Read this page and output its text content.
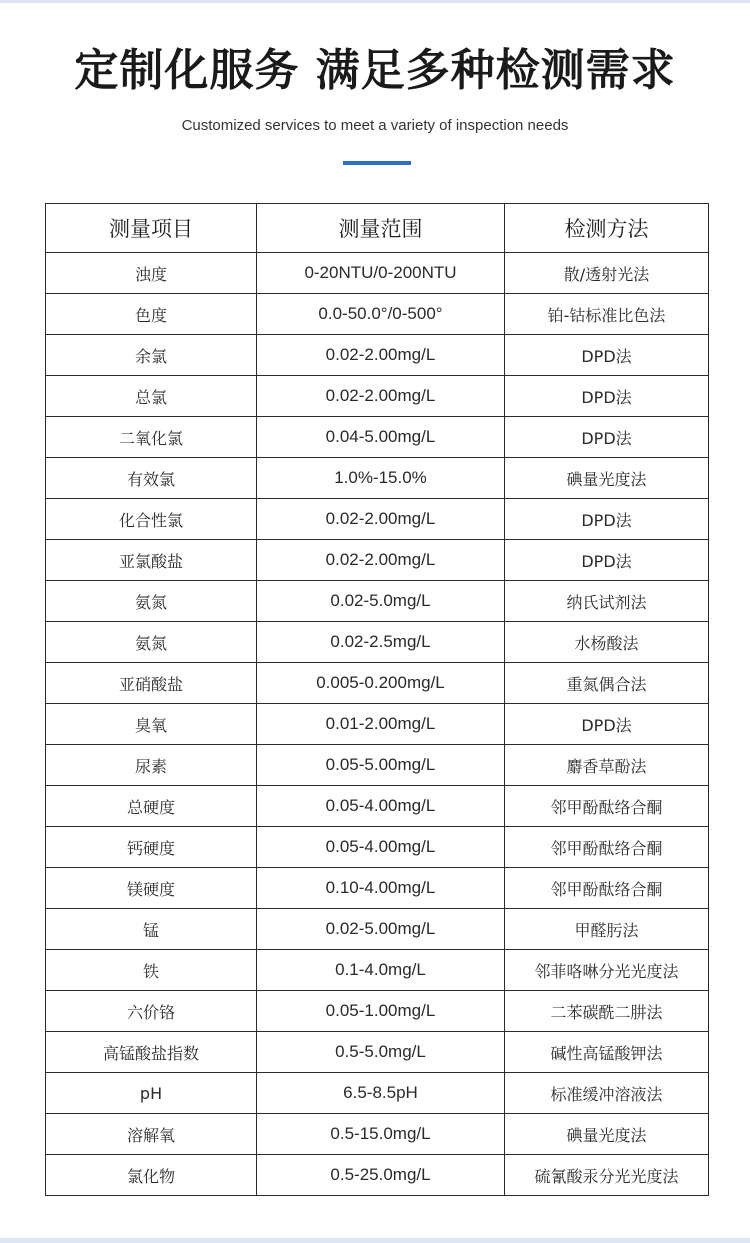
定制化服务 满足多种检测需求
Customized services to meet a variety of inspection needs
测量项目	测量范围	检测方法
浊度	0-20NTU/0-200NTU	散/透射光法
色度	0.0-50.0°/0-500°	铂-钴标准比色法
余氯	0.02-2.00mg/L	DPD法
总氯	0.02-2.00mg/L	DPD法
二氧化氯	0.04-5.00mg/L	DPD法
有效氯	1.0%-15.0%	碘量光度法
化合性氯	0.02-2.00mg/L	DPD法
亚氯酸盐	0.02-2.00mg/L	DPD法
氨氮	0.02-5.0mg/L	纳氏试剂法
氨氮	0.02-2.5mg/L	水杨酸法
亚硝酸盐	0.005-0.200mg/L	重氮偶合法
臭氧	0.01-2.00mg/L	DPD法
尿素	0.05-5.00mg/L	麝香草酚法
总硬度	0.05-4.00mg/L	邻甲酚酞络合酮
钙硬度	0.05-4.00mg/L	邻甲酚酞络合酮
镁硬度	0.10-4.00mg/L	邻甲酚酞络合酮
锰	0.02-5.00mg/L	甲醛肟法
铁	0.1-4.0mg/L	邻菲咯啉分光光度法
六价铬	0.05-1.00mg/L	二苯碳酰二肼法
高锰酸盐指数	0.5-5.0mg/L	碱性高锰酸钾法
pH	6.5-8.5pH	标准缓冲溶液法
溶解氧	0.5-15.0mg/L	碘量光度法
氯化物	0.5-25.0mg/L	硫氰酸汞分光光度法
